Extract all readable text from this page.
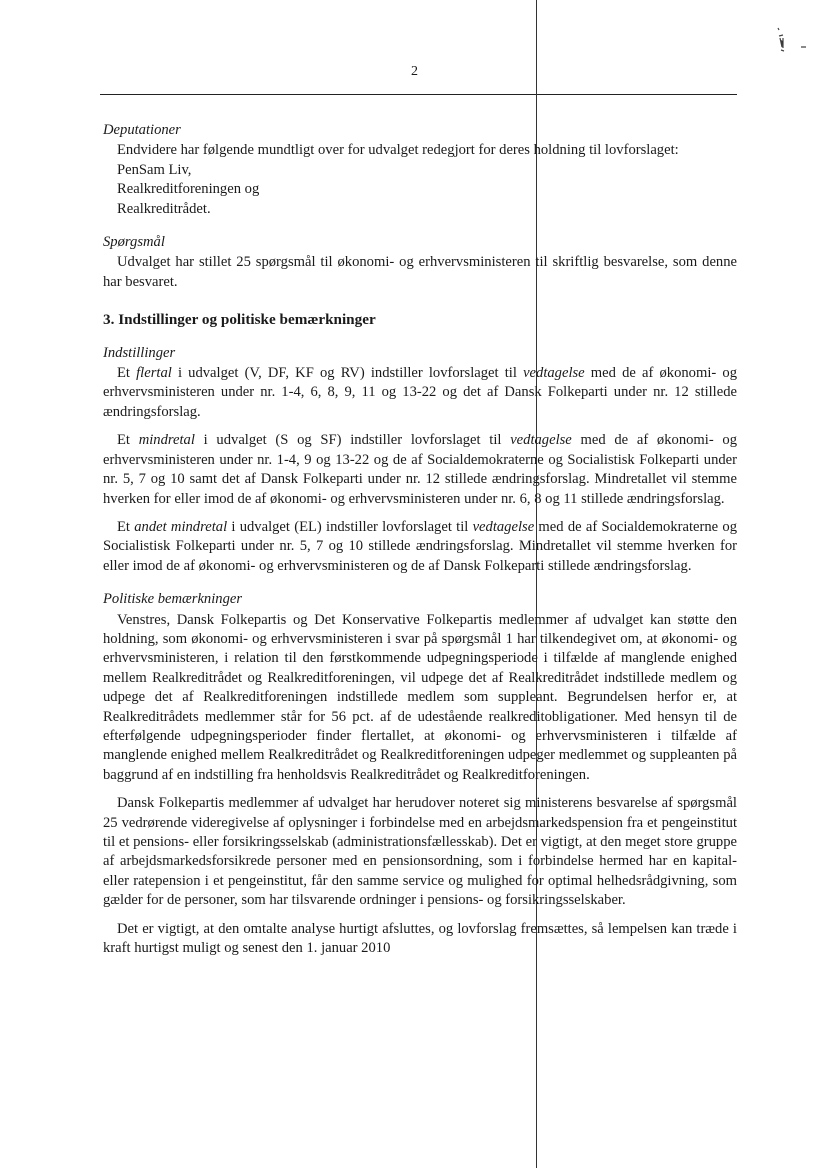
2

Deputationer

Endvidere har følgende mundtligt over for udvalget redegjort for deres holdning til lovforslaget:

PenSam Liv,

Realkreditforeningen og

Realkreditrådet.

Spørgsmål

Udvalget har stillet 25 spørgsmål til økonomi- og erhvervsministeren til skriftlig besvarelse, som denne har besvaret.

3. Indstillinger og politiske bemærkninger

Indstillinger

Et flertal i udvalget (V, DF, KF og RV) indstiller lovforslaget til vedtagelse med de af økonomi- og erhvervsministeren under nr. 1-4, 6, 8, 9, 11 og 13-22 og det af Dansk Folkeparti under nr. 12 stillede ændringsforslag.

Et mindretal i udvalget (S og SF) indstiller lovforslaget til vedtagelse med de af økonomi- og erhvervsministeren under nr. 1-4, 9 og 13-22 og de af Socialdemokraterne og Socialistisk Folkeparti under nr. 5, 7 og 10 samt det af Dansk Folkeparti under nr. 12 stillede ændringsforslag. Mindretallet vil stemme hverken for eller imod de af økonomi- og erhvervsministeren under nr. 6, 8 og 11 stillede ændringsforslag.

Et andet mindretal i udvalget (EL) indstiller lovforslaget til vedtagelse med de af Socialdemokraterne og Socialistisk Folkeparti under nr. 5, 7 og 10 stillede ændringsforslag. Mindretallet vil stemme hverken for eller imod de af økonomi- og erhvervsministeren og de af Dansk Folkeparti stillede ændringsforslag.

Politiske bemærkninger

Venstres, Dansk Folkepartis og Det Konservative Folkepartis medlemmer af udvalget kan støtte den holdning, som økonomi- og erhvervsministeren i svar på spørgsmål 1 har tilkendegivet om, at økonomi- og erhvervsministeren, i relation til den førstkommende udpegningsperiode i tilfælde af manglende enighed mellem Realkreditrådet og Realkreditforeningen, vil udpege det af Realkreditrådet indstillede medlem og udpege det af Realkreditforeningen indstillede medlem som suppleant. Begrundelsen herfor er, at Realkreditrådets medlemmer står for 56 pct. af de udestående realkreditobligationer. Med hensyn til de efterfølgende udpegningsperioder finder flertallet, at økonomi- og erhvervsministeren i tilfælde af manglende enighed mellem Realkreditrådet og Realkreditforeningen udpeger medlemmet og suppleanten på baggrund af en indstilling fra henholdsvis Realkreditrådet og Realkreditforeningen.

Dansk Folkepartis medlemmer af udvalget har herudover noteret sig ministerens besvarelse af spørgsmål 25 vedrørende videregivelse af oplysninger i forbindelse med en arbejdsmarkedspension fra et pengeinstitut til et pensions- eller forsikringsselskab (administrationsfællesskab). Det er vigtigt, at den meget store gruppe af arbejdsmarkedsforsikrede personer med en pensionsordning, som i forbindelse hermed har en kapital- eller ratepension i et pengeinstitut, får den samme service og mulighed for optimal helhedsrådgivning, som gælder for de personer, som har tilsvarende ordninger i pensions- og forsikringsselskaber.

Det er vigtigt, at den omtalte analyse hurtigt afsluttes, og lovforslag fremsættes, så lempelsen kan træde i kraft hurtigst muligt og senest den 1. januar 2010
